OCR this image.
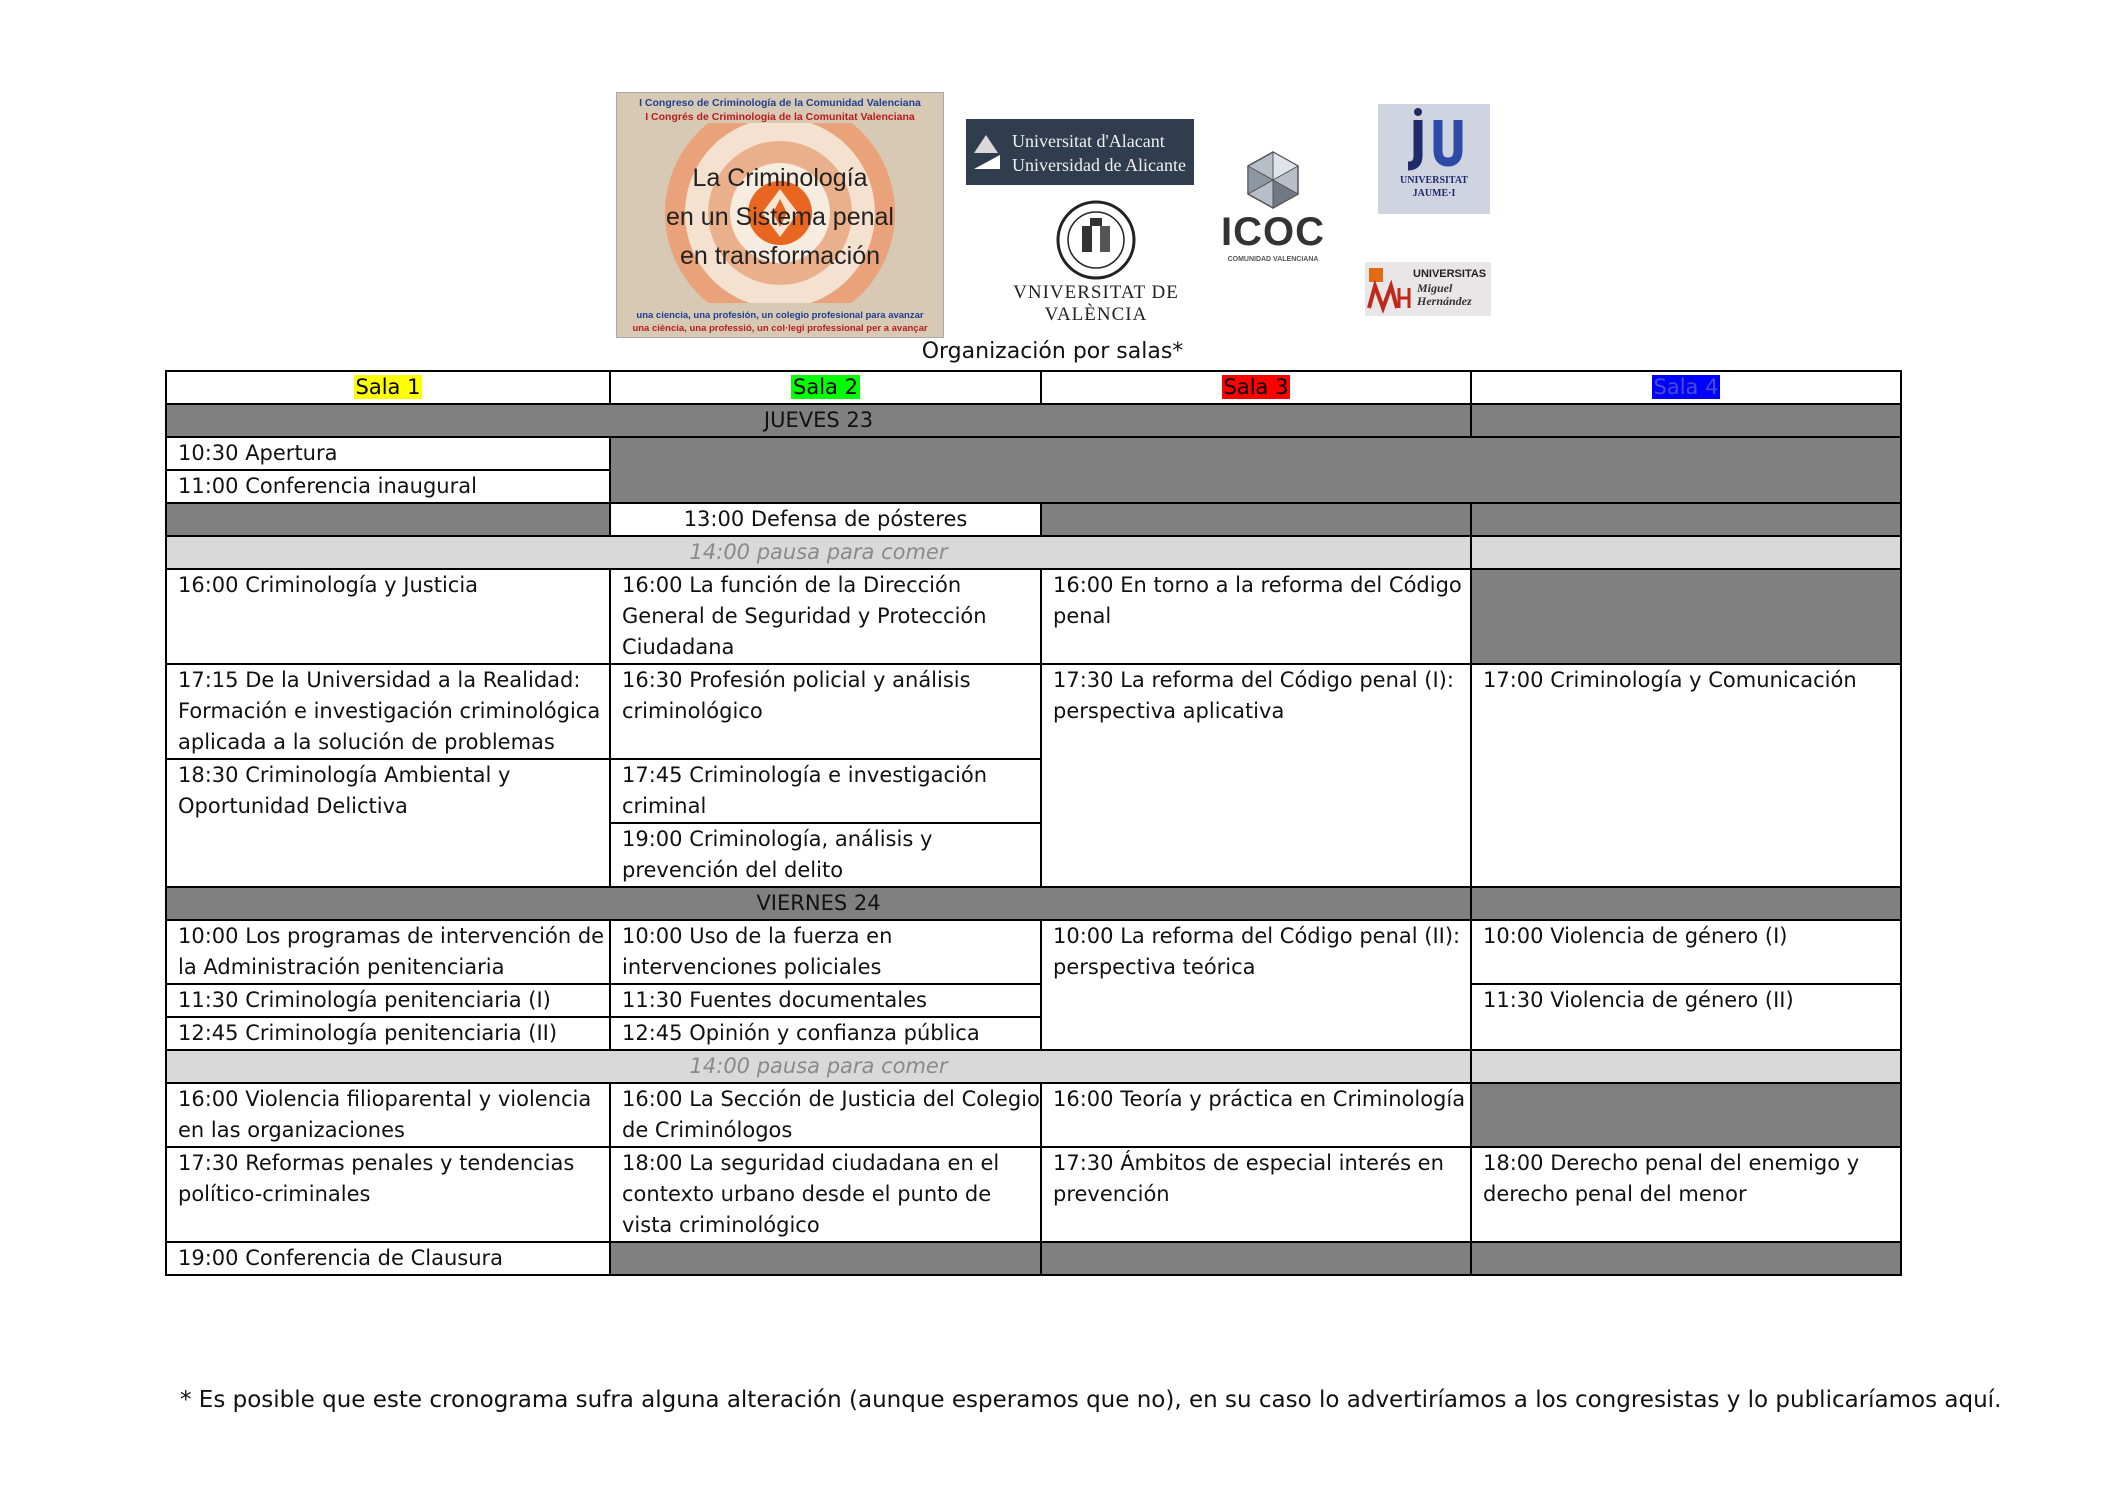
I Congreso de Criminología de la Comunidad Valenciana
I Congrés de Criminologia de la Comunitat Valenciana
La Criminología
en un Sistema penal
en transformación
una ciencia, una profesión, un colegio profesional para avanzar
una ciència, una professió, un col·legi professional per a avançar
Universitat d'Alacant
Universidad de Alicante
VNIVERSITAT DE VALÈNCIA
ICOC
COMUNIDAD VALENCIANA
UNIVERSITAT
JAUME·I
UNIVERSITAS
Miguel
Hernández
Organización por salas*
Sala 1	Sala 2	Sala 3	Sala 4
JUEVES 23			
10:30 Apertura			
11:00 Conferencia inaugural			
	13:00 Defensa de pósteres		
14:00 pausa para comer			
16:00 Criminología y Justicia	16:00 La función de la Dirección General de Seguridad y Protección Ciudadana	16:00 En torno a la reforma del Código penal	
17:15 De la Universidad a la Realidad: Formación e investigación criminológica aplicada a la solución de problemas	16:30 Profesión policial y análisis criminológico	17:30 La reforma del Código penal (I): perspectiva aplicativa	17:00 Criminología y Comunicación
18:30 Criminología Ambiental y Oportunidad Delictiva	17:45 Criminología e investigación criminal		
	19:00 Criminología, análisis y prevención del delito		
VIERNES 24			
10:00 Los programas de intervención de la Administración penitenciaria	10:00 Uso de la fuerza en intervenciones policiales	10:00 La reforma del Código penal (II): perspectiva teórica	10:00 Violencia de género (I)
11:30 Criminología penitenciaria (I)	11:30 Fuentes documentales		11:30 Violencia de género (II)
12:45 Criminología penitenciaria (II)	12:45 Opinión y confianza pública		
14:00 pausa para comer			
16:00 Violencia filioparental y violencia en las organizaciones	16:00 La Sección de Justicia del Colegio de Criminólogos	16:00 Teoría y práctica en Criminología	
17:30 Reformas penales y tendencias político-criminales	18:00 La seguridad ciudadana en el contexto urbano desde el punto de vista criminológico	17:30 Ámbitos de especial interés en prevención	18:00 Derecho penal del enemigo y derecho penal del menor
19:00 Conferencia de Clausura			
* Es posible que este cronograma sufra alguna alteración (aunque esperamos que no), en su caso lo advertiríamos a los congresistas y lo publicaríamos aquí.
